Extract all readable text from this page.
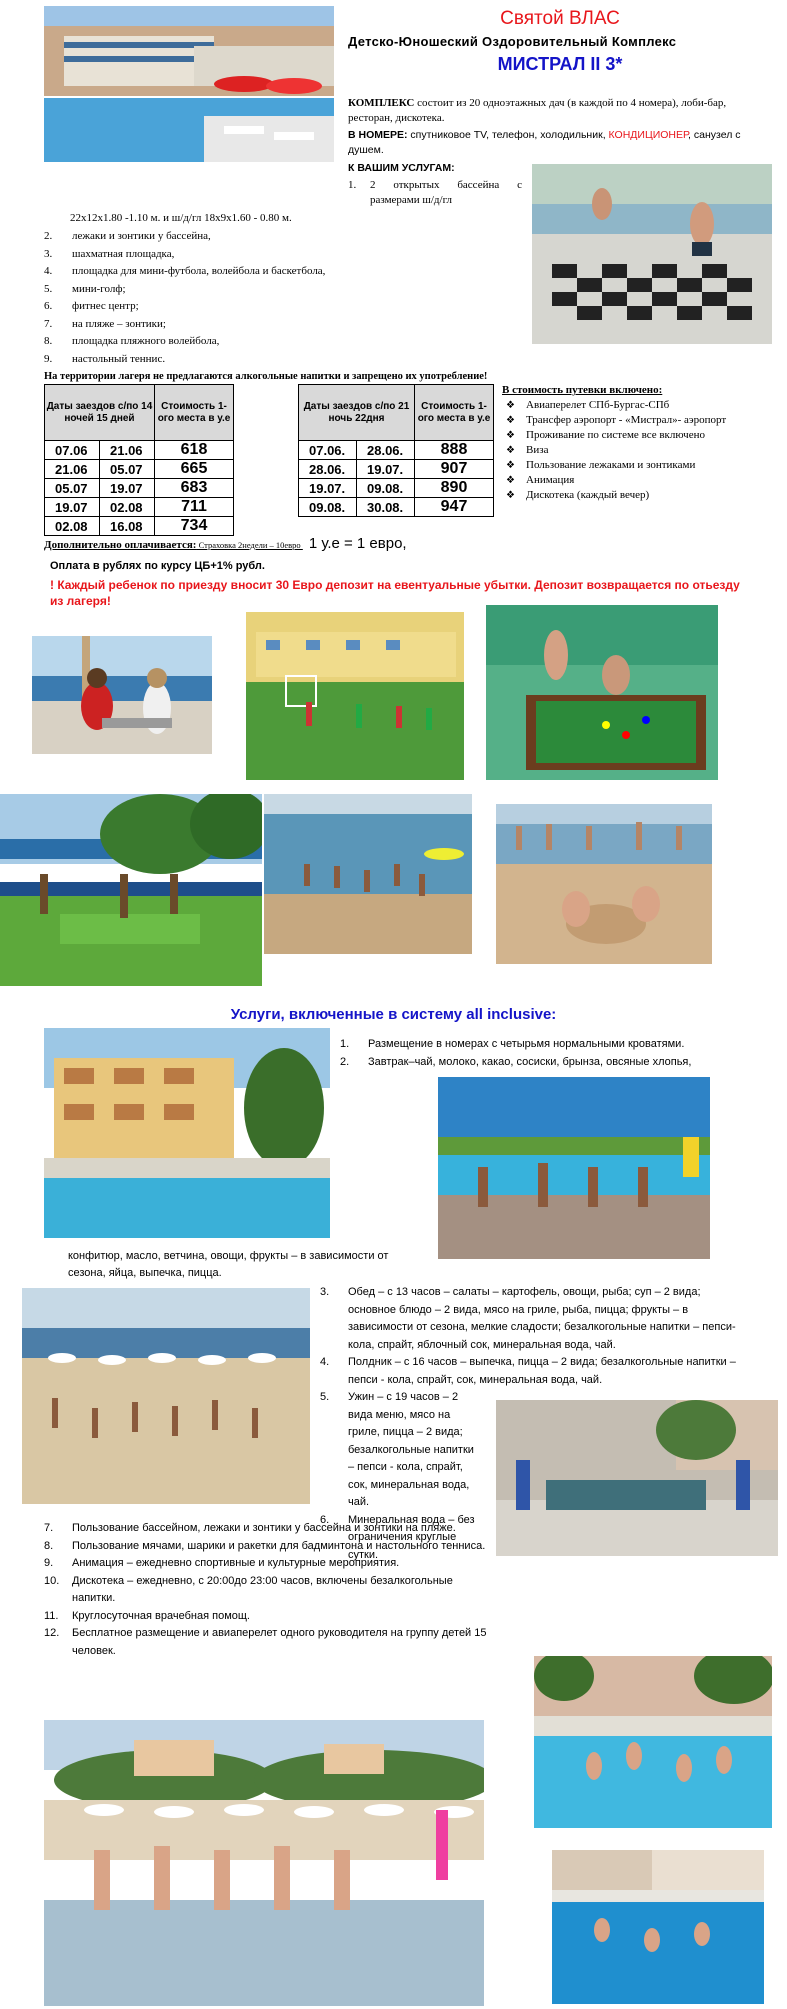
Святой ВЛАС
Детско-Юношеский Оздоровительный Комплекс
МИСТРАЛ II 3*
КОМПЛЕКС состоит из 20 одноэтажных дач (в каждой по 4 номера), лоби-бар, ресторан, дискотека.
В НОМЕРЕ: спутниковое TV, телефон, холодильник, КОНДИЦИОНЕР, санузел с душем.
К ВАШИМ УСЛУГАМ:
1.	2 открытых бассейна с размерами ш/д/гл
22x12x1.80 -1.10 м. и ш/д/гл 18x9x1.60 - 0.80 м.
2. лежаки и зонтики у бассейна,
3. шахматная площадка,
4. площадка для мини-футбола, волейбола и баскетбола,
5. мини-голф;
6. фитнес центр;
7. на пляже – зонтики;
8. площадка пляжного волейбола,
9. настольный теннис.
На территории лагеря не предлагаются алкогольные напитки и запрещено их употребление!
Даты заездов с/по 14 ночей 15 дней		Стоимость 1-ого места в у.е
07.06	21.06	618
21.06	05.07	665
05.07	19.07	683
19.07	02.08	711
02.08	16.08	734
Даты заездов с/по 21 ночь 22дня		Стоимость 1-ого места в у.е
07.06.	28.06.	888
28.06.	19.07.	907
19.07.	09.08.	890
09.08.	30.08.	947
В стоимость путевки включено:
❖ Авиаперелет СПб-Бургас-СПб
❖ Трансфер аэропорт - «Мистрал»- аэропорт
❖ Проживание по системе все включено
❖ Виза
❖ Пользование лежаками и зонтиками
❖ Анимация
❖ Дискотека (каждый вечер)
Дополнительно оплачивается: Страховка 2недели – 10евро 1 у.е = 1 евро,
Оплата в рублях по курсу ЦБ+1% рубл.
! Каждый ребенок по приезду вносит 30 Евро депозит на евентуальные убытки. Депозит возвращается по отьезду из лагеря!
Услуги, включенные в систему all inclusive:
1. Размещение в номерах с четырьмя нормальными кроватями.
2. Завтрак–чай, молоко, какао, сосиски, брынза, овсяные хлопья,
конфитюр, масло, ветчина, овощи, фрукты – в зависимости от сезона, яйца, выпечка, пицца.
3. Обед – с 13 часов – салаты – картофель, овощи, рыба; суп – 2 вида; основное блюдо – 2 вида, мясо на гриле, рыба, пицца; фрукты – в зависимости от сезона, мелкие сладости; безалкогольные напитки – пепси-кола, спрайт, яблочный сок, минеральная вода, чай.
4. Полдник – с 16 часов – выпечка, пицца – 2 вида; безалкогольные напитки – пепси - кола, спрайт, сок, минеральная вода, чай.
5. Ужин – с 19 часов – 2 вида меню, мясо на гриле, пицца – 2 вида; безалкогольные напитки – пепси - кола, спрайт, сок, минеральная вода, чай.
6. Минеральная вода – без ограничения круглые сутки.
7. Пользование бассейном, лежаки и зонтики у бассейна и зонтики на пляже.
8. Пользование мячами, шарики и ракетки для бадминтона и настольного тенниса.
9. Анимация – ежедневно спортивные и культурные мероприятия.
10. Дискотека – ежедневно, с 20:00до 23:00 часов, включены безалкогольные напитки.
11. Круглосуточная врачебная помощ.
12. Бесплатное размещение и авиаперелет одного руководителя на группу детей 15 человек.
